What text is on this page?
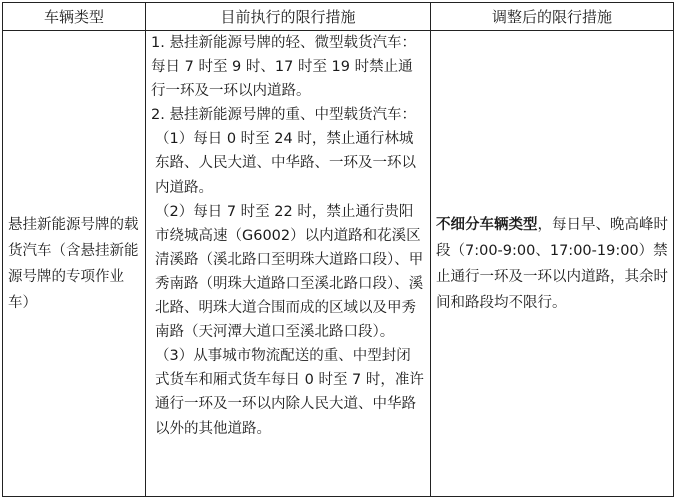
车辆类型	目前执行的限行措施	调整后的限行措施
悬挂新能源号牌的载货汽车（含悬挂新能源号牌的专项作业车）	1. 悬挂新能源号牌的轻、微型载货汽车：每日 7 时至 9 时、17 时至 19 时禁止通行一环及一环以内道路。

2. 悬挂新能源号牌的重、中型载货汽车：

（1）每日 0 时至 24 时，禁止通行林城东路、人民大道、中华路、一环及一环以内道路。

（2）每日 7 时至 22 时，禁止通行贵阳市绕城高速（G6002）以内道路和花溪区清溪路（溪北路口至明珠大道路口段）、甲秀南路（明珠大道路口至溪北路口段）、溪北路、明珠大道合围而成的区域以及甲秀南路（天河潭大道口至溪北路口段）。

（3）从事城市物流配送的重、中型封闭式货车和厢式货车每日 0 时至 7 时，准许通行一环及一环以内除人民大道、中华路以外的其他道路。	不细分车辆类型，每日早、晚高峰时段（7:00-9:00、17:00-19:00）禁止通行一环及一环以内道路，其余时间和路段均不限行。
